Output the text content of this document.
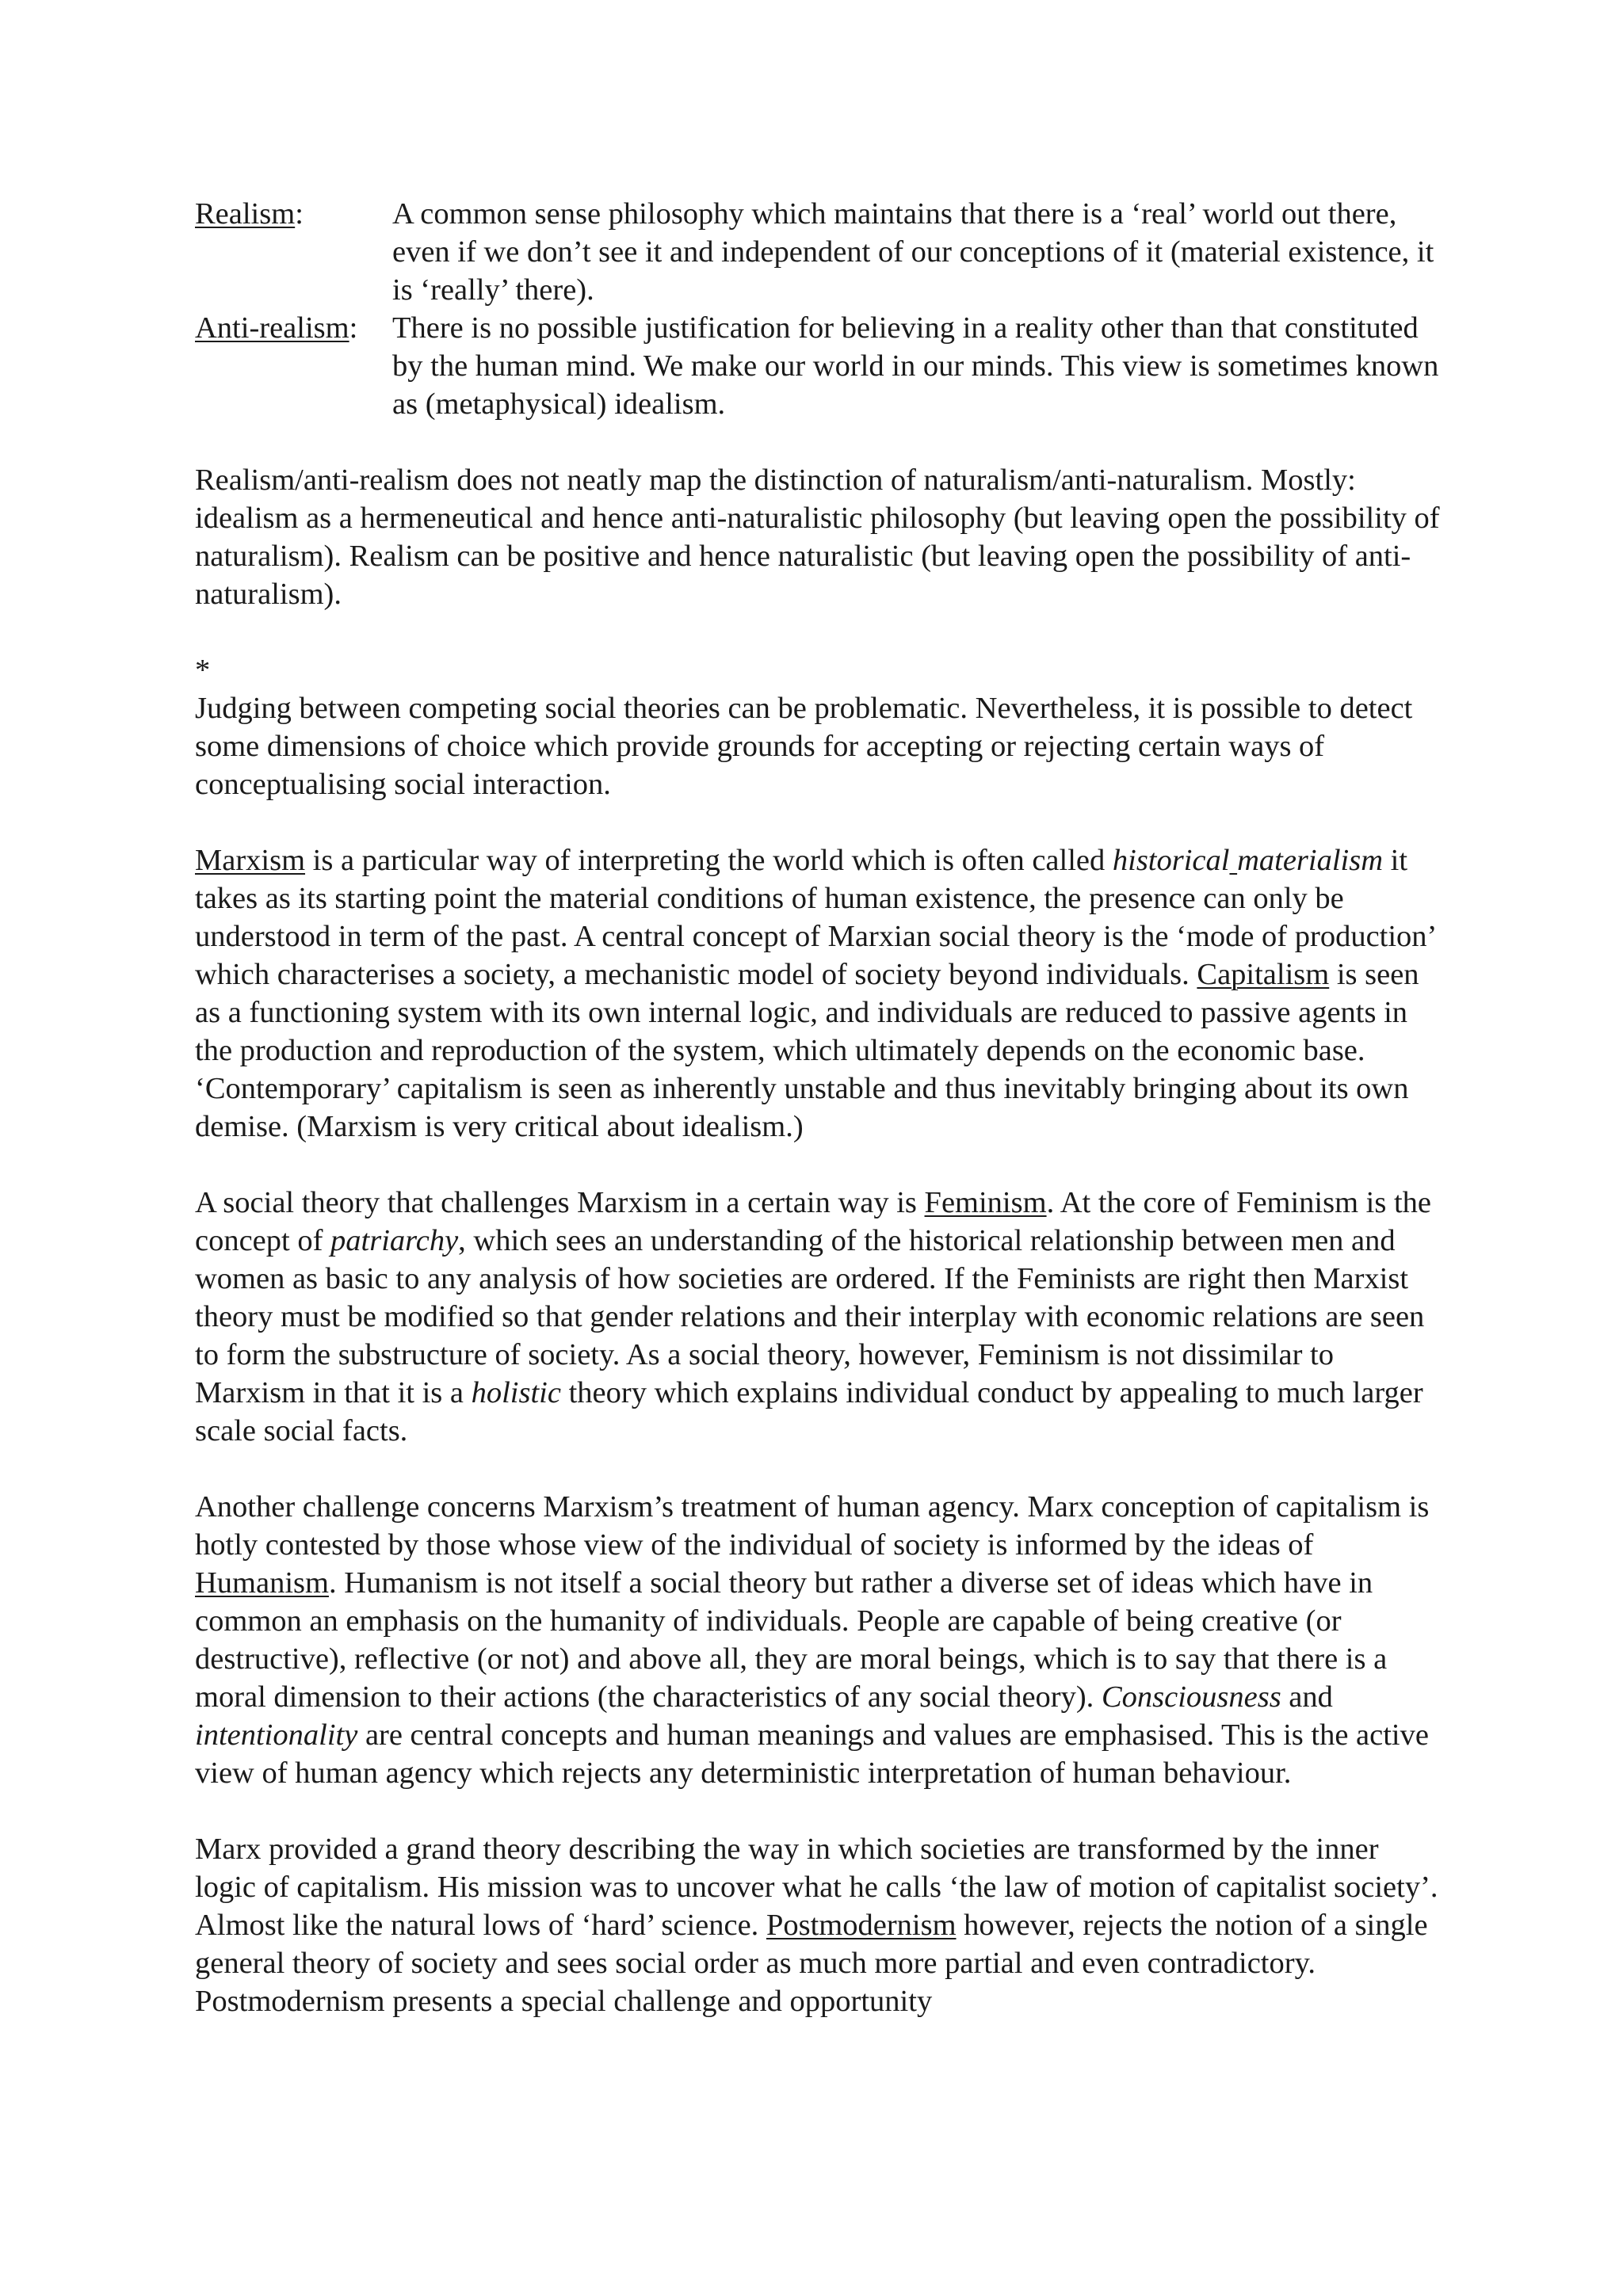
Realism:	A common sense philosophy which maintains that there is a ‘real’ world out there, even if we don’t see it and independent of our conceptions of it (material existence, it is ‘really’ there).
Anti-realism:	There is no possible justification for believing in a reality other than that constituted by the human mind. We make our world in our minds. This view is sometimes known as (metaphysical) idealism.

Realism/anti-realism does not neatly map the distinction of naturalism/anti-naturalism. Mostly: idealism as a hermeneutical and hence anti-naturalistic philosophy (but leaving open the possibility of naturalism). Realism can be positive and hence naturalistic (but leaving open the possibility of anti-naturalism).

*

Judging between competing social theories can be problematic. Nevertheless, it is possible to detect some dimensions of choice which provide grounds for accepting or rejecting certain ways of conceptualising social interaction.

Marxism is a particular way of interpreting the world which is often called historical materialism it takes as its starting point the material conditions of human existence, the presence can only be understood in term of the past. A central concept of Marxian social theory is the ‘mode of production’ which characterises a society, a mechanistic model of society beyond individuals. Capitalism is seen as a functioning system with its own internal logic, and individuals are reduced to passive agents in the production and reproduction of the system, which ultimately depends on the economic base. ‘Contemporary’ capitalism is seen as inherently unstable and thus inevitably bringing about its own demise. (Marxism is very critical about idealism.)

A social theory that challenges Marxism in a certain way is Feminism. At the core of Feminism is the concept of patriarchy, which sees an understanding of the historical relationship between men and women as basic to any analysis of how societies are ordered. If the Feminists are right then Marxist theory must be modified so that gender relations and their interplay with economic relations are seen to form the substructure of society. As a social theory, however, Feminism is not dissimilar to Marxism in that it is a holistic theory which explains individual conduct by appealing to much larger scale social facts.

Another challenge concerns Marxism’s treatment of human agency. Marx conception of capitalism is hotly contested by those whose view of the individual of society is informed by the ideas of Humanism. Humanism is not itself a social theory but rather a diverse set of ideas which have in common an emphasis on the humanity of individuals. People are capable of being creative (or destructive), reflective (or not) and above all, they are moral beings, which is to say that there is a moral dimension to their actions (the characteristics of any social theory). Consciousness and intentionality are central concepts and human meanings and values are emphasised. This is the active view of human agency which rejects any deterministic interpretation of human behaviour.

Marx provided a grand theory describing the way in which societies are transformed by the inner logic of capitalism. His mission was to uncover what he calls ‘the law of motion of capitalist society’. Almost like the natural lows of ‘hard’ science. Postmodernism however, rejects the notion of a single general theory of society and sees social order as much more partial and even contradictory. Postmodernism presents a special challenge and opportunity
